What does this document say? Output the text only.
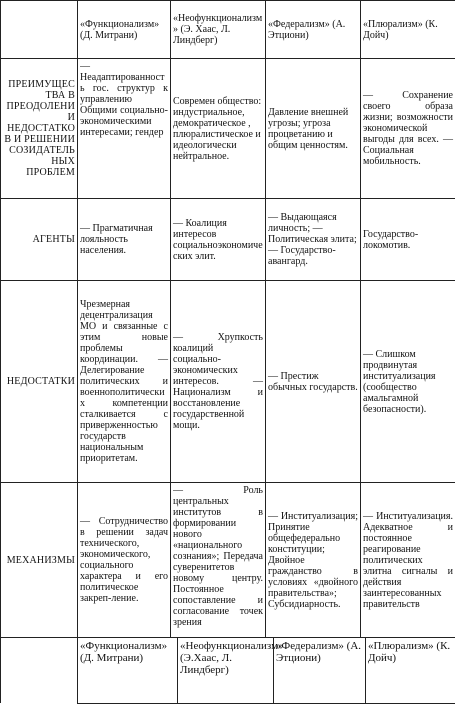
	«Функционализм» (Д. Митрани)	«Неофункционализм» (Э. Хаас, Л. Линдберг)	«Федерализм» (А. Этциони)	«Плюрализм» (К. Дойч)
ПРЕИМУЩЕСТВА В ПРЕОДОЛЕНИИ НЕДОСТАТКОВ И РЕШЕНИИ СОЗИДАТЕЛЬНЫХ ПРОБЛЕМ	— Неадаптированность гос. структур к управлению Общими социально-экономическими интересами; гендер	Современ общество: индустриальное, демократическое , плюралистическое и идеологически нейтральное.	Давление внешней угрозы; угроза процветанию и общим ценностям.	— Сохранение своего образа жизни; возможности экономической выгоды для всех. — Социальная мобильность.
АГЕНТЫ	— Прагматичная лояльность населения.	— Коалиция интересов социальноэкономических элит.	— Выдающаяся личность; — Политическая элита; — Государство-авангард.	Государство-локомотив.
НЕДОСТАТКИ	Чрезмерная децентрализация МО и связанные с этим новые проблемы координации. — Делегирование политических и военнополитических компетенции сталкивается с приверженностью государств национальным приоритетам.	— Хрупкость коалиций социально-экономических интересов. — Национализм и восстановление государственной мощи.	— Престиж обычных государств.	— Слишком продвинутая институализация (сообщество амальгамной безопасности).
МЕХАНИЗМЫ	— Сотрудничество в решении задач технического, экономического, социального характера и его политическое закреп-ление.	— Роль центральных институтов в формировании нового «национального сознания»; Передача суверенитетов новому центру. Постоянное сопоставление и согласование точек зрения	— Институализация; Принятие общефедерально конституции; Двойное гражданство в условиях «двойного правительства»; Субсидиарность.	— Институализация. Адекватное и постоянное реагирование политических элитна сигналы и действия заинтересованных правительств
«Функционализм» (Д. Митрани)	«Неофункционализм» (Э.Хаас, Л. Линдберг)	«Федерализм» (А. Этциони)	«Плюрализм» (К. Дойч)
